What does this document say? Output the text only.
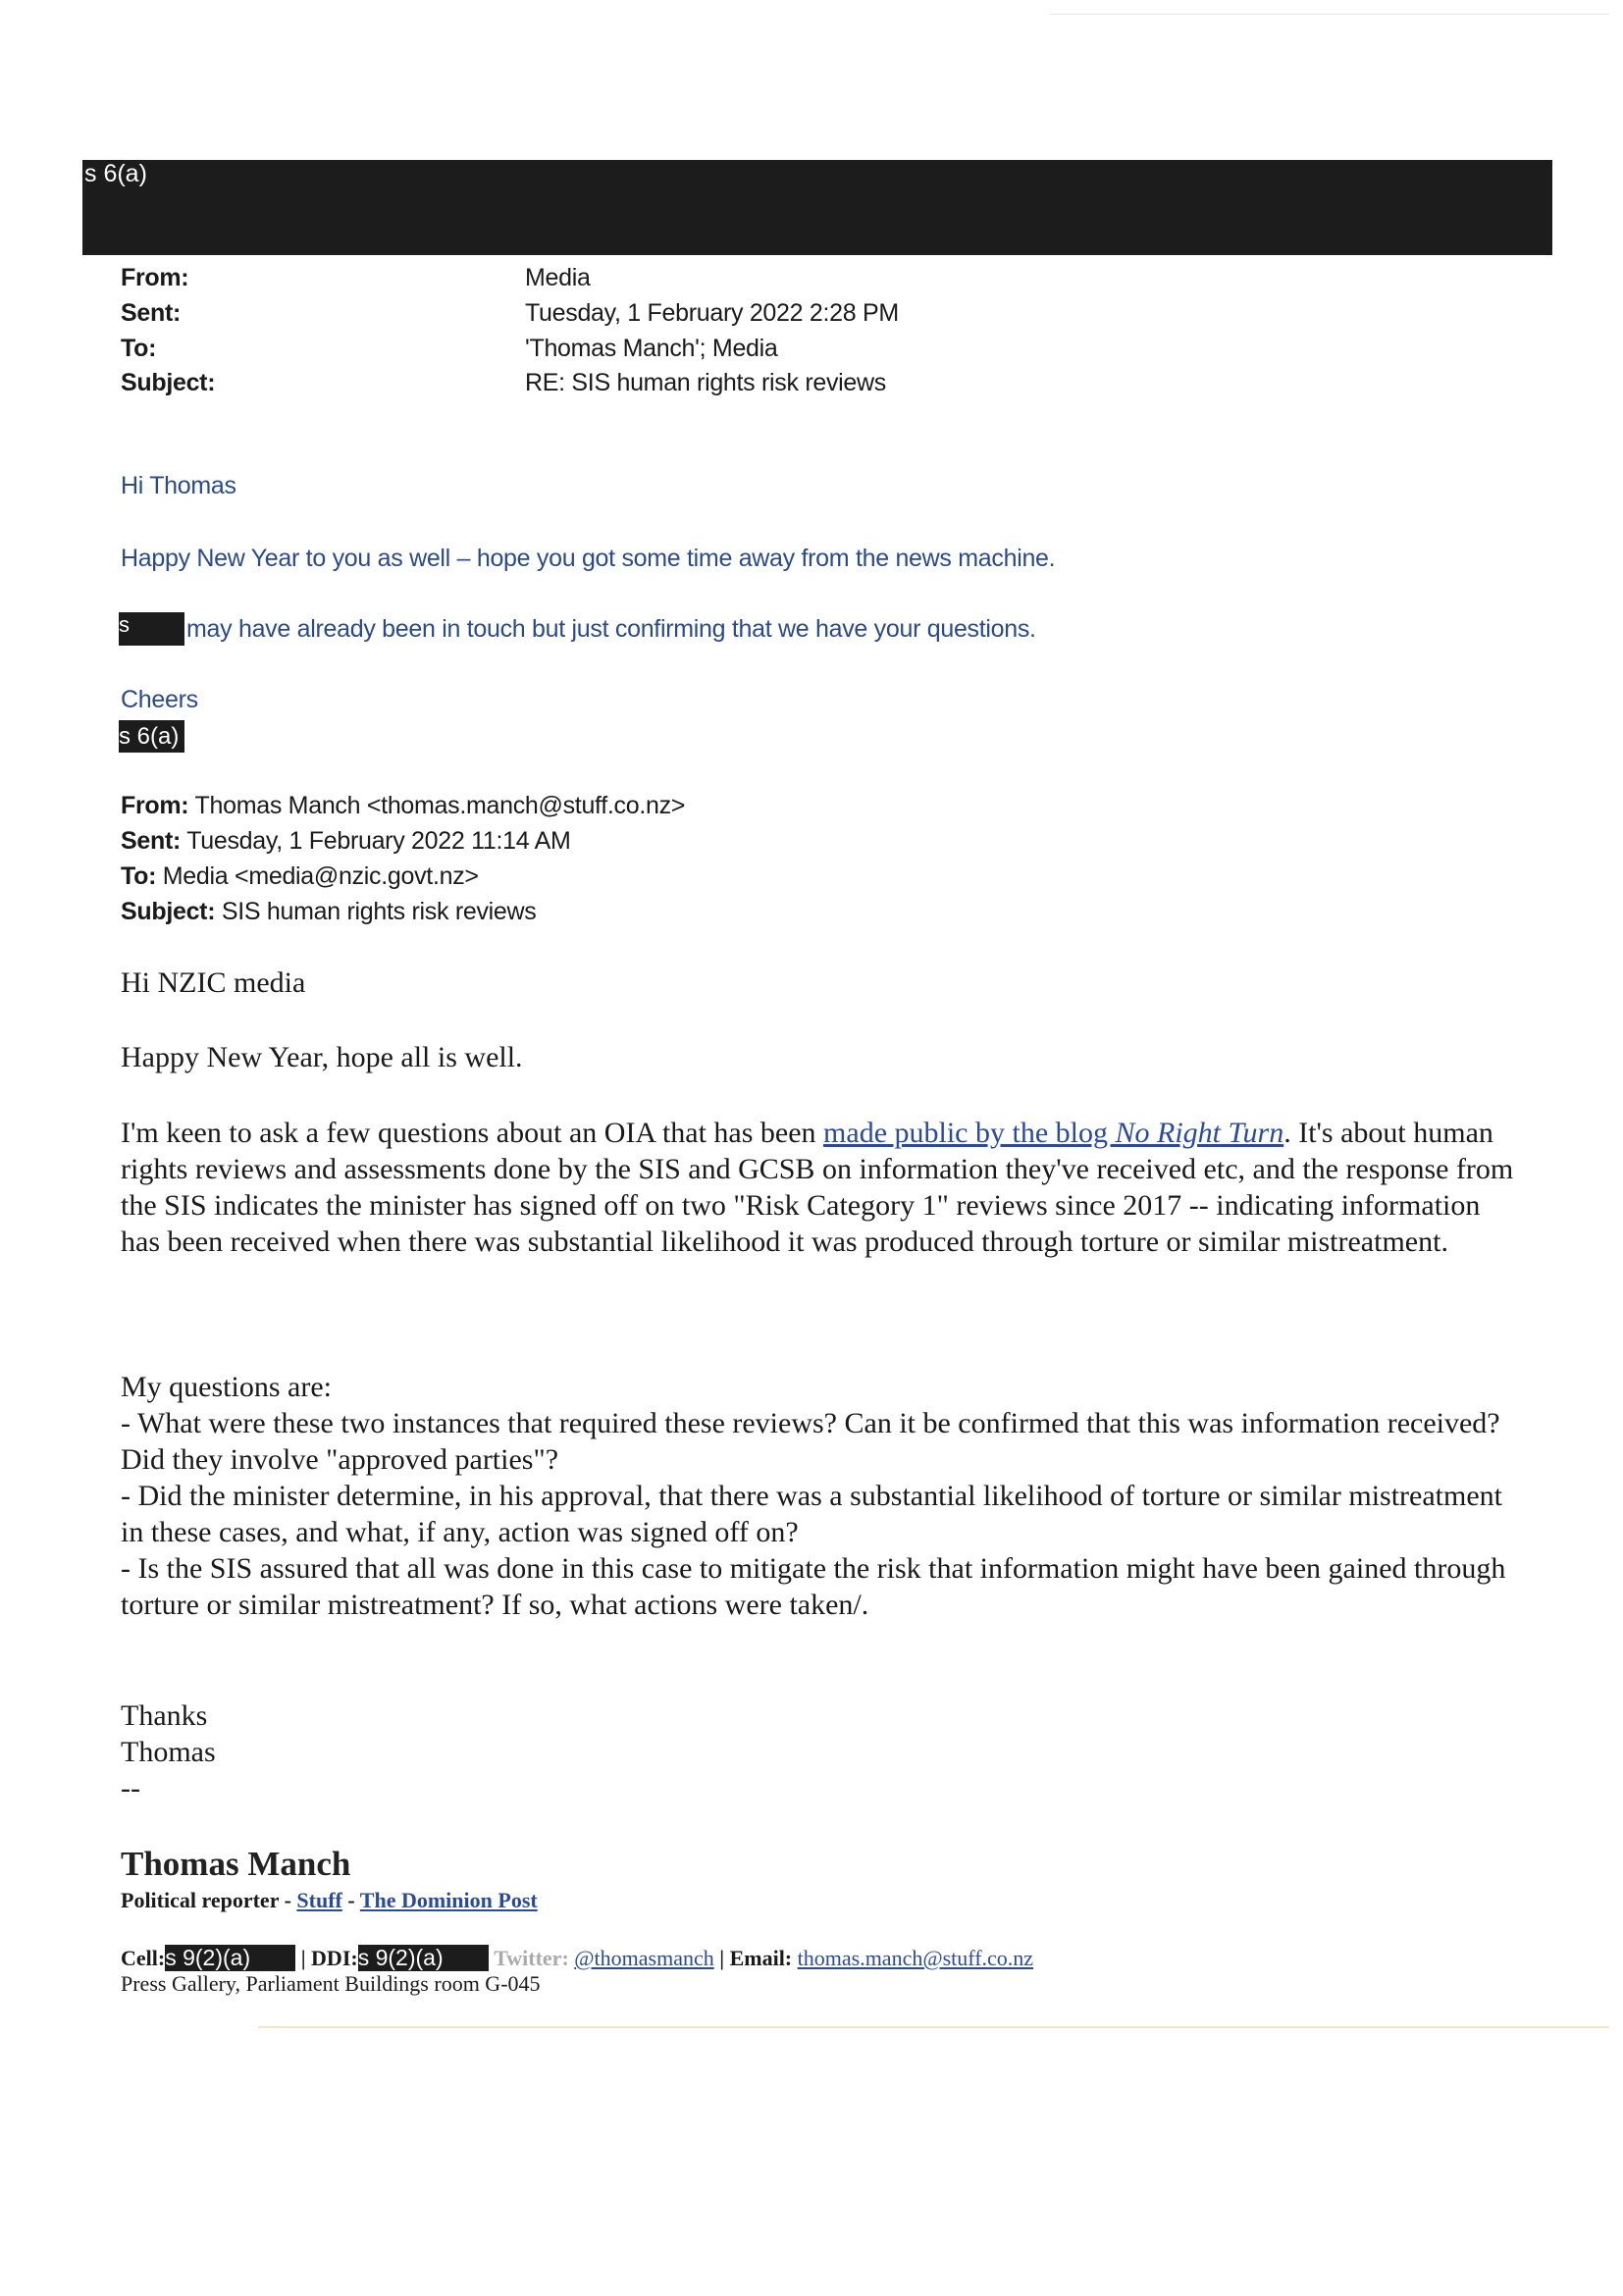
s 6(a)
From:	Media
Sent:	Tuesday, 1 February 2022 2:28 PM
To:	'Thomas Manch'; Media
Subject:	RE: SIS human rights risk reviews
Hi Thomas
Happy New Year to you as well – hope you got some time away from the news machine.
s	may have already been in touch but just confirming that we have your questions.
Cheers
s 6(a)
From: Thomas Manch <thomas.manch@stuff.co.nz>
Sent: Tuesday, 1 February 2022 11:14 AM
To: Media <media@nzic.govt.nz>
Subject: SIS human rights risk reviews
Hi NZIC media
Happy New Year, hope all is well.
I'm keen to ask a few questions about an OIA that has been made public by the blog No Right Turn. It's about human rights reviews and assessments done by the SIS and GCSB on information they've received etc, and the response from the SIS indicates the minister has signed off on two "Risk Category 1" reviews since 2017 -- indicating information has been received when there was substantial likelihood it was produced through torture or similar mistreatment.
My questions are:
- What were these two instances that required these reviews? Can it be confirmed that this was information received? Did they involve "approved parties"?
- Did the minister determine, in his approval, that there was a substantial likelihood of torture or similar mistreatment in these cases, and what, if any, action was signed off on?
- Is the SIS assured that all was done in this case to mitigate the risk that information might have been gained through torture or similar mistreatment? If so, what actions were taken/.
Thanks
Thomas
--
Thomas Manch
Political reporter - Stuff - The Dominion Post
Cell:s 9(2)(a) | DDI:s 9(2)(a) Twitter: @thomasmanch | Email: thomas.manch@stuff.co.nz
Press Gallery, Parliament Buildings room G-045
